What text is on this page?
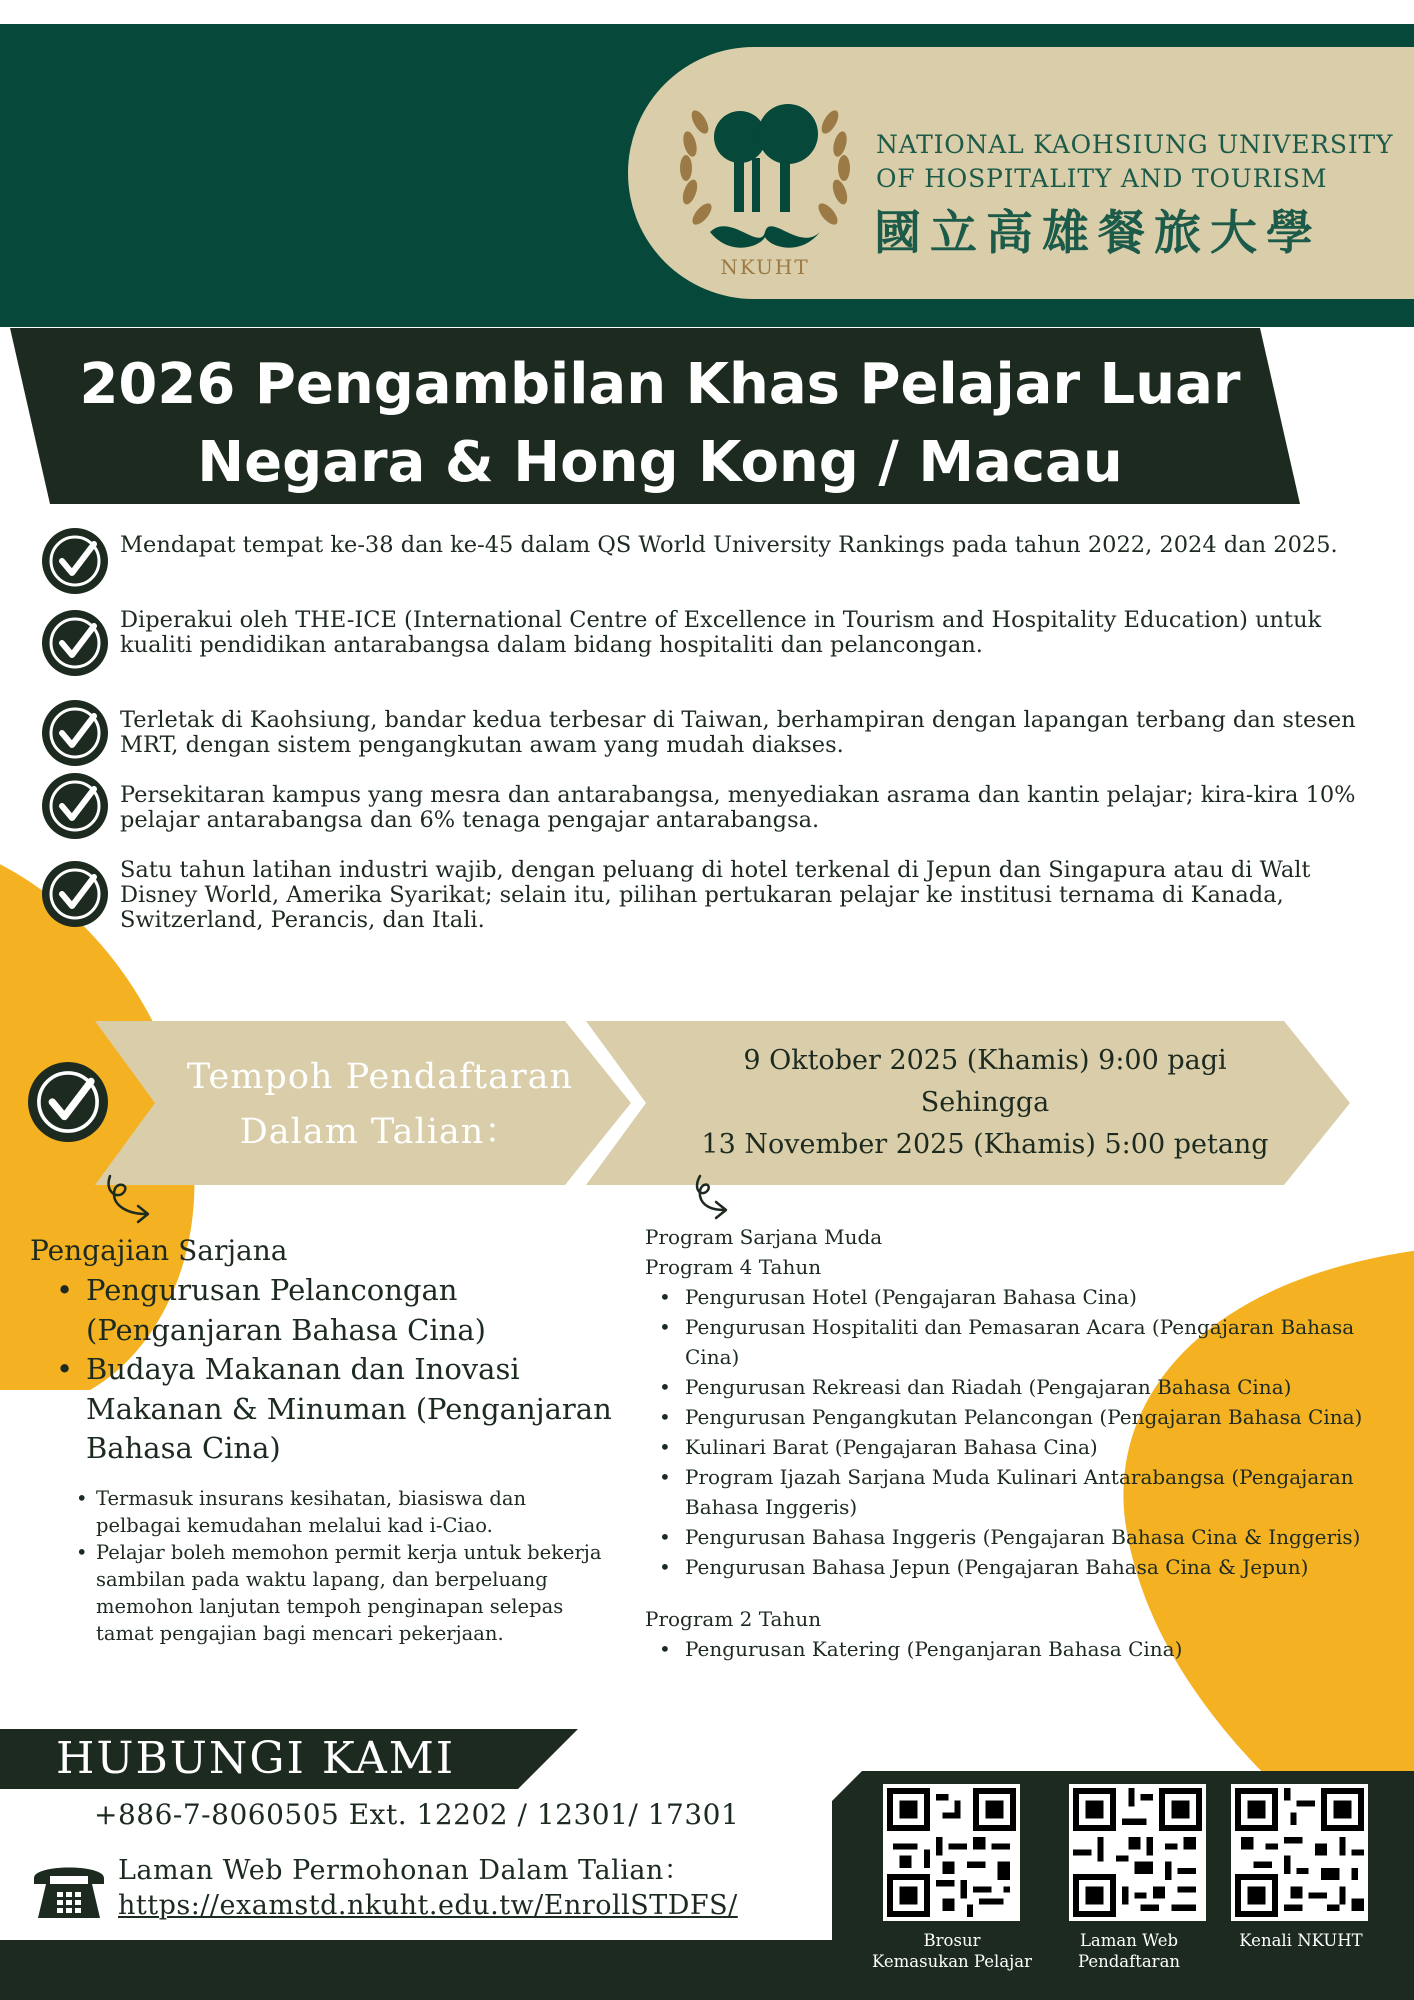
NKUHT
NATIONAL KAOHSIUNG UNIVERSITY
OF HOSPITALITY AND TOURISM
國立高雄餐旅大學
2026 Pengambilan Khas Pelajar Luar
Negara & Hong Kong / Macau
Mendapat tempat ke-38 dan ke-45 dalam QS World University Rankings pada tahun 2022, 2024 dan 2025.
Diperakui oleh THE-ICE (International Centre of Excellence in Tourism and Hospitality Education) untuk kualiti pendidikan antarabangsa dalam bidang hospitaliti dan pelancongan.
Terletak di Kaohsiung, bandar kedua terbesar di Taiwan, berhampiran dengan lapangan terbang dan stesen MRT, dengan sistem pengangkutan awam yang mudah diakses.
Persekitaran kampus yang mesra dan antarabangsa, menyediakan asrama dan kantin pelajar; kira-kira 10% pelajar antarabangsa dan 6% tenaga pengajar antarabangsa.
Satu tahun latihan industri wajib, dengan peluang di hotel terkenal di Jepun dan Singapura atau di Walt Disney World, Amerika Syarikat; selain itu, pilihan pertukaran pelajar ke institusi ternama di Kanada, Switzerland, Perancis, dan Itali.
Tempoh Pendaftaran
Dalam Talian：
9 Oktober 2025 (Khamis) 9:00 pagi
Sehingga
13 November 2025 (Khamis) 5:00 petang
Pengajian Sarjana
• Pengurusan Pelancongan (Penganjaran Bahasa Cina)
• Budaya Makanan dan Inovasi Makanan & Minuman (Penganjaran Bahasa Cina)
• Termasuk insurans kesihatan, biasiswa dan pelbagai kemudahan melalui kad i-Ciao.
• Pelajar boleh memohon permit kerja untuk bekerja sambilan pada waktu lapang, dan berpeluang memohon lanjutan tempoh penginapan selepas tamat pengajian bagi mencari pekerjaan.
Program Sarjana Muda
Program 4 Tahun
• Pengurusan Hotel (Pengajaran Bahasa Cina)
• Pengurusan Hospitaliti dan Pemasaran Acara (Pengajaran Bahasa Cina)
• Pengurusan Rekreasi dan Riadah (Pengajaran Bahasa Cina)
• Pengurusan Pengangkutan Pelancongan (Pengajaran Bahasa Cina)
• Kulinari Barat (Pengajaran Bahasa Cina)
• Program Ijazah Sarjana Muda Kulinari Antarabangsa (Pengajaran Bahasa Inggeris)
• Pengurusan Bahasa Inggeris (Pengajaran Bahasa Cina & Inggeris)
• Pengurusan Bahasa Jepun (Pengajaran Bahasa Cina & Jepun)
Program 2 Tahun
• Pengurusan Katering (Penganjaran Bahasa Cina)
HUBUNGI KAMI
+886-7-8060505 Ext. 12202 / 12301/ 17301
Laman Web Permohonan Dalam Talian：
https://examstd.nkuht.edu.tw/EnrollSTDFS/
Brosur
Kemasukan Pelajar
Laman Web
Pendaftaran
Kenali NKUHT
